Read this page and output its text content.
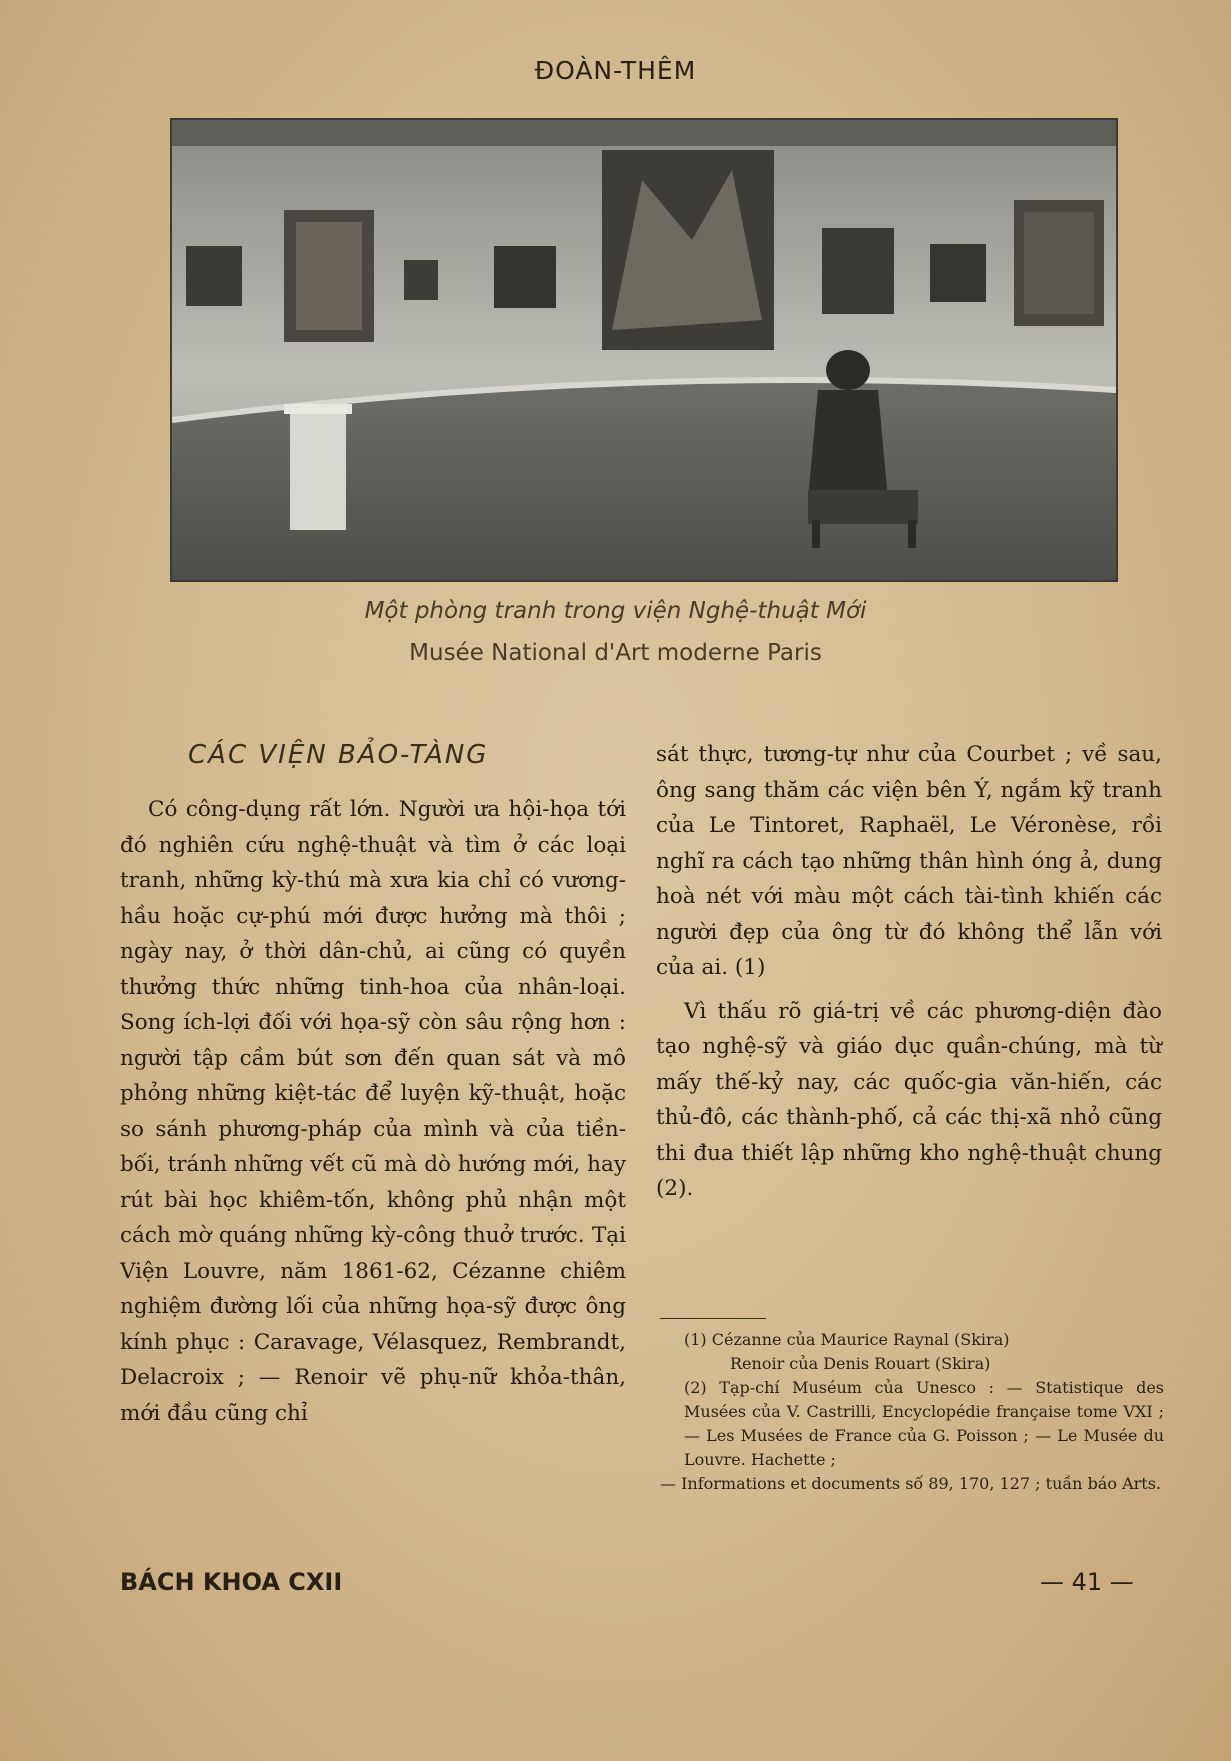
ĐOÀN-THÊM
Một phòng tranh trong viện Nghệ-thuật Mới
Musée National d'Art moderne Paris
CÁC VIỆN BẢO-TÀNG

Có công-dụng rất lớn. Người ưa hội-họa tới đó nghiên cứu nghệ-thuật và tìm ở các loại tranh, những kỳ-thú mà xưa kia chỉ có vương-hầu hoặc cự-phú mới được hưởng mà thôi ; ngày nay, ở thời dân-chủ, ai cũng có quyền thưởng thức những tinh-hoa của nhân-loại. Song ích-lợi đối với họa-sỹ còn sâu rộng hơn : người tập cầm bút sơn đến quan sát và mô phỏng những kiệt-tác để luyện kỹ-thuật, hoặc so sánh phương-pháp của mình và của tiền-bối, tránh những vết cũ mà dò hướng mới, hay rút bài học khiêm-tốn, không phủ nhận một cách mờ quáng những kỳ-công thuở trước. Tại Viện Louvre, năm 1861-62, Cézanne chiêm nghiệm đường lối của những họa-sỹ được ông kính phục : Caravage, Vélasquez, Rembrandt, Delacroix ; — Renoir vẽ phụ-nữ khỏa-thân, mới đầu cũng chỉ

sát thực, tương-tự như của Courbet ; về sau, ông sang thăm các viện bên Ý, ngắm kỹ tranh của Le Tintoret, Raphaël, Le Véronèse, rồi nghĩ ra cách tạo những thân hình óng ả, dung hoà nét với màu một cách tài-tình khiến các người đẹp của ông từ đó không thể lẫn với của ai. (1)

Vì thấu rõ giá-trị về các phương-diện đào tạo nghệ-sỹ và giáo dục quần-chúng, mà từ mấy thế-kỷ nay, các quốc-gia văn-hiến, các thủ-đô, các thành-phố, cả các thị-xã nhỏ cũng thi đua thiết lập những kho nghệ-thuật chung (2).

(1) Cézanne của Maurice Raynal (Skira)

Renoir của Denis Rouart (Skira)

(2) Tạp-chí Muséum của Unesco : — Statistique des Musées của V. Castrilli, Encyclopédie française tome VXI ; — Les Musées de France của G. Poisson ; — Le Musée du Louvre. Hachette ;

— Informations et documents số 89, 170, 127 ; tuần báo Arts.

BÁCH KHOA CXII	— 41 —
